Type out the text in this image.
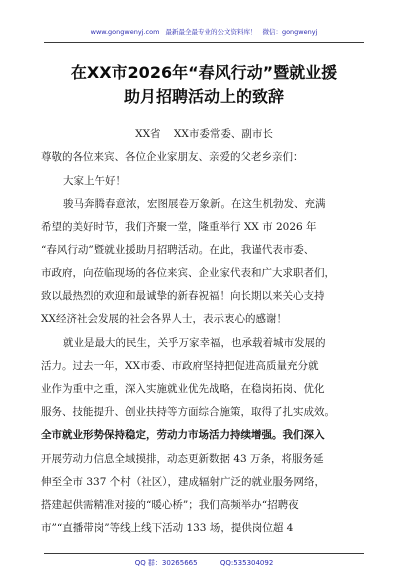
www.gongwenyj.com 最新最全最专业的公文资料库！ 微信：gongwenyj
在XX市2026年“春风行动”暨就业援
助月招聘活动上的致辞
XX省    XX市委常委、副市长
尊敬的各位来宾、各位企业家朋友、亲爱的父老乡亲们：
大家上午好！
骏马奔腾春意浓，宏图展卷万象新。在这生机勃发、充满
希望的美好时节，我们齐聚一堂，隆重举行 XX 市 2026 年
“春风行动”暨就业援助月招聘活动。在此，我谨代表市委、
市政府，向莅临现场的各位来宾、企业家代表和广大求职者们，
致以最热烈的欢迎和最诚挚的新春祝福！向长期以来关心支持
XX经济社会发展的社会各界人士，表示衷心的感谢！
就业是最大的民生，关乎万家幸福，也承载着城市发展的
活力。过去一年，XX市委、市政府坚持把促进高质量充分就
业作为重中之重，深入实施就业优先战略，在稳岗拓岗、优化
服务、技能提升、创业扶持等方面综合施策，取得了扎实成效。
全市就业形势保持稳定，劳动力市场活力持续增强。我们深入
开展劳动力信息全域摸排，动态更新数据 43 万条，将服务延
伸至全市 337 个村（社区），建成辐射广泛的就业服务网络，
搭建起供需精准对接的“暖心桥”；我们高频举办“招聘夜
市”“直播带岗”等线上线下活动 133 场，提供岗位超 4
QQ 群：30265665	QQ:535304092
